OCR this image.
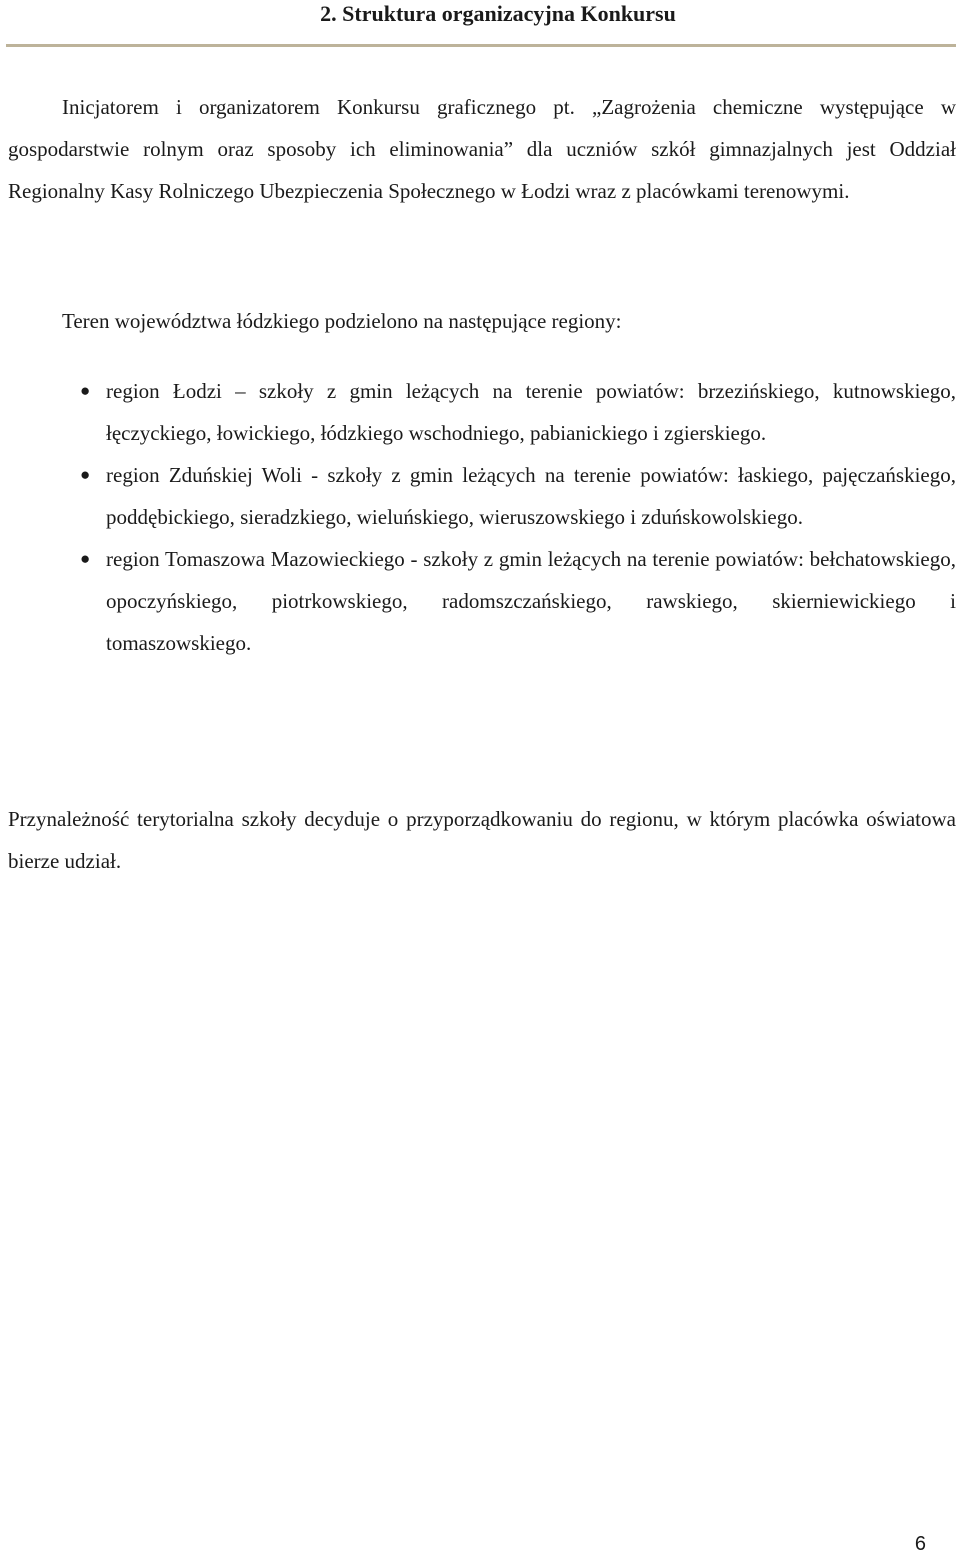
2. Struktura organizacyjna Konkursu

Inicjatorem i organizatorem Konkursu graficznego pt. „Zagrożenia chemiczne występujące w gospodarstwie rolnym oraz sposoby ich eliminowania” dla uczniów szkół gimnazjalnych jest Oddział Regionalny Kasy Rolniczego Ubezpieczenia Społecznego w Łodzi wraz z placówkami terenowymi.

Teren województwa łódzkiego podzielono na następujące regiony:

● region Łodzi – szkoły z gmin leżących na terenie powiatów: brzezińskiego, kutnowskiego, łęczyckiego, łowickiego, łódzkiego wschodniego, pabianickiego i zgierskiego.
● region Zduńskiej Woli - szkoły z gmin leżących na terenie powiatów: łaskiego, pajęczańskiego, poddębickiego, sieradzkiego, wieluńskiego, wieruszowskiego i zduńskowolskiego.
● region Tomaszowa Mazowieckiego - szkoły z gmin leżących na terenie powiatów: bełchatowskiego, opoczyńskiego, piotrkowskiego, radomszczańskiego, rawskiego, skierniewickiego i tomaszowskiego.

Przynależność terytorialna szkoły decyduje o przyporządkowaniu do regionu, w którym placówka oświatowa bierze udział.

6
